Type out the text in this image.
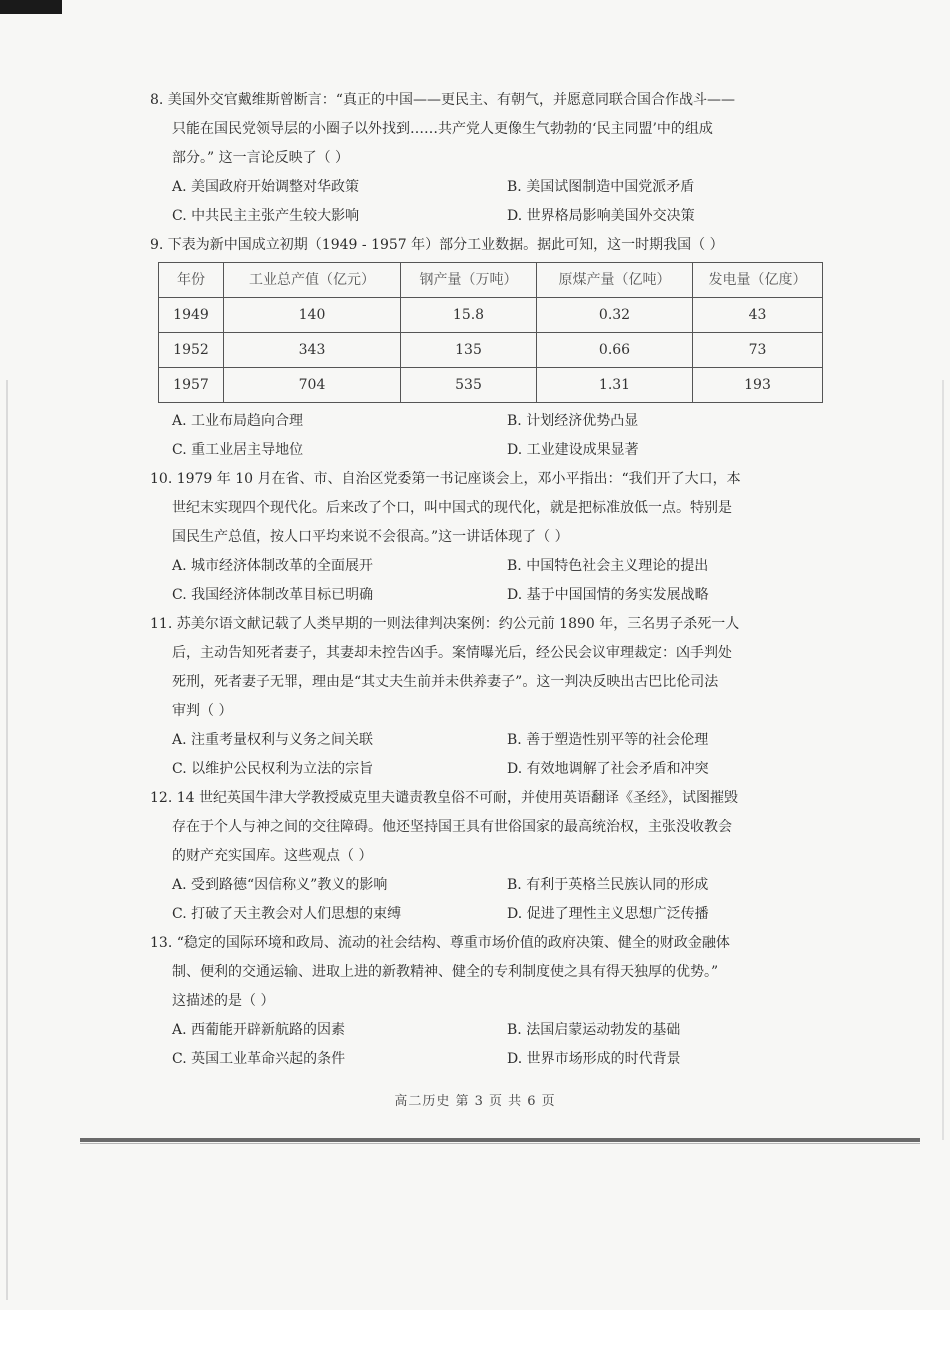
8. 美国外交官戴维斯曾断言：“真正的中国——更民主、有朝气，并愿意同联合国合作战斗——
只能在国民党领导层的小圈子以外找到……共产党人更像生气勃勃的‘民主同盟’中的组成
部分。” 这一言论反映了（ ）
A. 美国政府开始调整对华政策	B. 美国试图制造中国党派矛盾
C. 中共民主主张产生较大影响	D. 世界格局影响美国外交决策
9. 下表为新中国成立初期（1949 - 1957 年）部分工业数据。据此可知，这一时期我国（ ）
年份	工业总产值（亿元）	钢产量（万吨）	原煤产量（亿吨）	发电量（亿度）
1949	140	15.8	0.32	43
1952	343	135	0.66	73
1957	704	535	1.31	193
A. 工业布局趋向合理	B. 计划经济优势凸显
C. 重工业居主导地位	D. 工业建设成果显著
10. 1979 年 10 月在省、市、自治区党委第一书记座谈会上，邓小平指出：“我们开了大口，本
世纪末实现四个现代化。后来改了个口，叫中国式的现代化，就是把标准放低一点。特别是
国民生产总值，按人口平均来说不会很高。”这一讲话体现了（ ）
A. 城市经济体制改革的全面展开	B. 中国特色社会主义理论的提出
C. 我国经济体制改革目标已明确	D. 基于中国国情的务实发展战略
11. 苏美尔语文献记载了人类早期的一则法律判决案例：约公元前 1890 年，三名男子杀死一人
后，主动告知死者妻子，其妻却未控告凶手。案情曝光后，经公民会议审理裁定：凶手判处
死刑，死者妻子无罪，理由是“其丈夫生前并未供养妻子”。这一判决反映出古巴比伦司法
审判（ ）
A. 注重考量权利与义务之间关联	B. 善于塑造性别平等的社会伦理
C. 以维护公民权利为立法的宗旨	D. 有效地调解了社会矛盾和冲突
12. 14 世纪英国牛津大学教授威克里夫谴责教皇俗不可耐，并使用英语翻译《圣经》，试图摧毁
存在于个人与神之间的交往障碍。他还坚持国王具有世俗国家的最高统治权，主张没收教会
的财产充实国库。这些观点（ ）
A. 受到路德“因信称义”教义的影响	B. 有利于英格兰民族认同的形成
C. 打破了天主教会对人们思想的束缚	D. 促进了理性主义思想广泛传播
13. “稳定的国际环境和政局、流动的社会结构、尊重市场价值的政府决策、健全的财政金融体
制、便利的交通运输、进取上进的新教精神、健全的专利制度使之具有得天独厚的优势。”
这描述的是（ ）
A. 西葡能开辟新航路的因素	B. 法国启蒙运动勃发的基础
C. 英国工业革命兴起的条件	D. 世界市场形成的时代背景
高二历史 第 3 页 共 6 页
